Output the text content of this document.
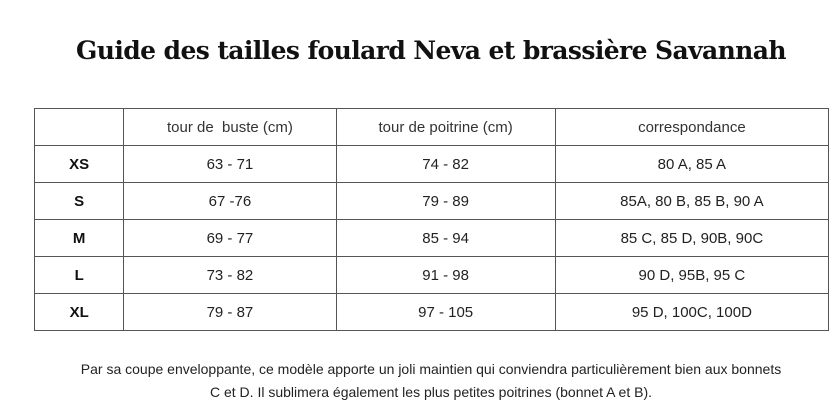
Guide des tailles foulard Neva et brassière Savannah
	tour de  buste (cm)	tour de poitrine (cm)	correspondance
XS	63 - 71	74 - 82	80 A, 85 A
S	67 -76	79 - 89	85A, 80 B, 85 B, 90 A
M	69 - 77	85 - 94	85 C, 85 D, 90B, 90C
L	73 - 82	91 - 98	90 D, 95B, 95 C
XL	79 - 87	97 - 105	95 D, 100C, 100D

Par sa coupe enveloppante, ce modèle apporte un joli maintien qui conviendra particulièrement bien aux bonnets
C et D. Il sublimera également les plus petites poitrines (bonnet A et B).
